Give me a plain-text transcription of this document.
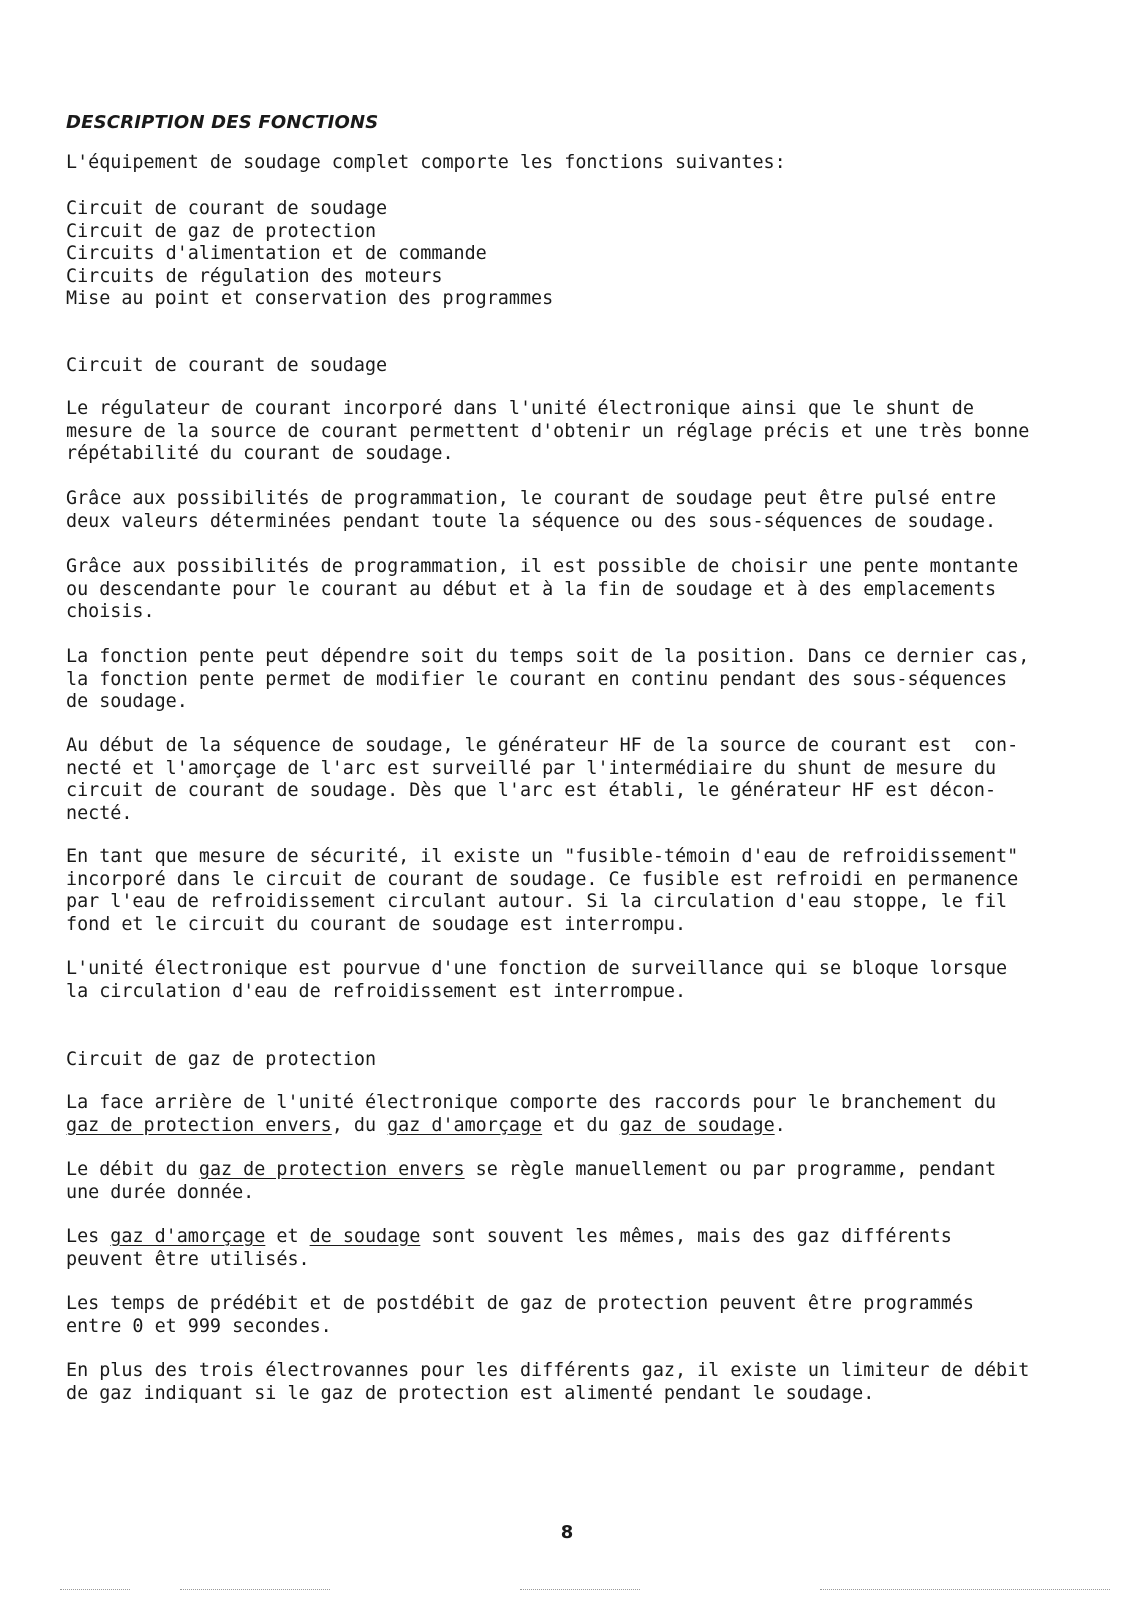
DESCRIPTION DES FONCTIONS
L'équipement de soudage complet comporte les fonctions suivantes:
Circuit de courant de soudage
Circuit de gaz de protection
Circuits d'alimentation et de commande
Circuits de régulation des moteurs
Mise au point et conservation des programmes
Circuit de courant de soudage
Le régulateur de courant incorporé dans l'unité électronique ainsi que le shunt de
mesure de la source de courant permettent d'obtenir un réglage précis et une très bonne
répétabilité du courant de soudage.
Grâce aux possibilités de programmation, le courant de soudage peut être pulsé entre
deux valeurs déterminées pendant toute la séquence ou des sous-séquences de soudage.
Grâce aux possibilités de programmation, il est possible de choisir une pente montante
ou descendante pour le courant au début et à la fin de soudage et à des emplacements
choisis.
La fonction pente peut dépendre soit du temps soit de la position. Dans ce dernier cas,
la fonction pente permet de modifier le courant en continu pendant des sous-séquences
de soudage.
Au début de la séquence de soudage, le générateur HF de la source de courant est  con-
necté et l'amorçage de l'arc est surveillé par l'intermédiaire du shunt de mesure du
circuit de courant de soudage. Dès que l'arc est établi, le générateur HF est décon-
necté.
En tant que mesure de sécurité, il existe un "fusible-témoin d'eau de refroidissement"
incorporé dans le circuit de courant de soudage. Ce fusible est refroidi en permanence
par l'eau de refroidissement circulant autour. Si la circulation d'eau stoppe, le fil
fond et le circuit du courant de soudage est interrompu.
L'unité électronique est pourvue d'une fonction de surveillance qui se bloque lorsque
la circulation d'eau de refroidissement est interrompue.
Circuit de gaz de protection
La face arrière de l'unité électronique comporte des raccords pour le branchement du
gaz de protection envers, du gaz d'amorçage et du gaz de soudage.
Le débit du gaz de protection envers se règle manuellement ou par programme, pendant
une durée donnée.
Les gaz d'amorçage et de soudage sont souvent les mêmes, mais des gaz différents
peuvent être utilisés.
Les temps de prédébit et de postdébit de gaz de protection peuvent être programmés
entre 0 et 999 secondes.
En plus des trois électrovannes pour les différents gaz, il existe un limiteur de débit
de gaz indiquant si le gaz de protection est alimenté pendant le soudage.
8
